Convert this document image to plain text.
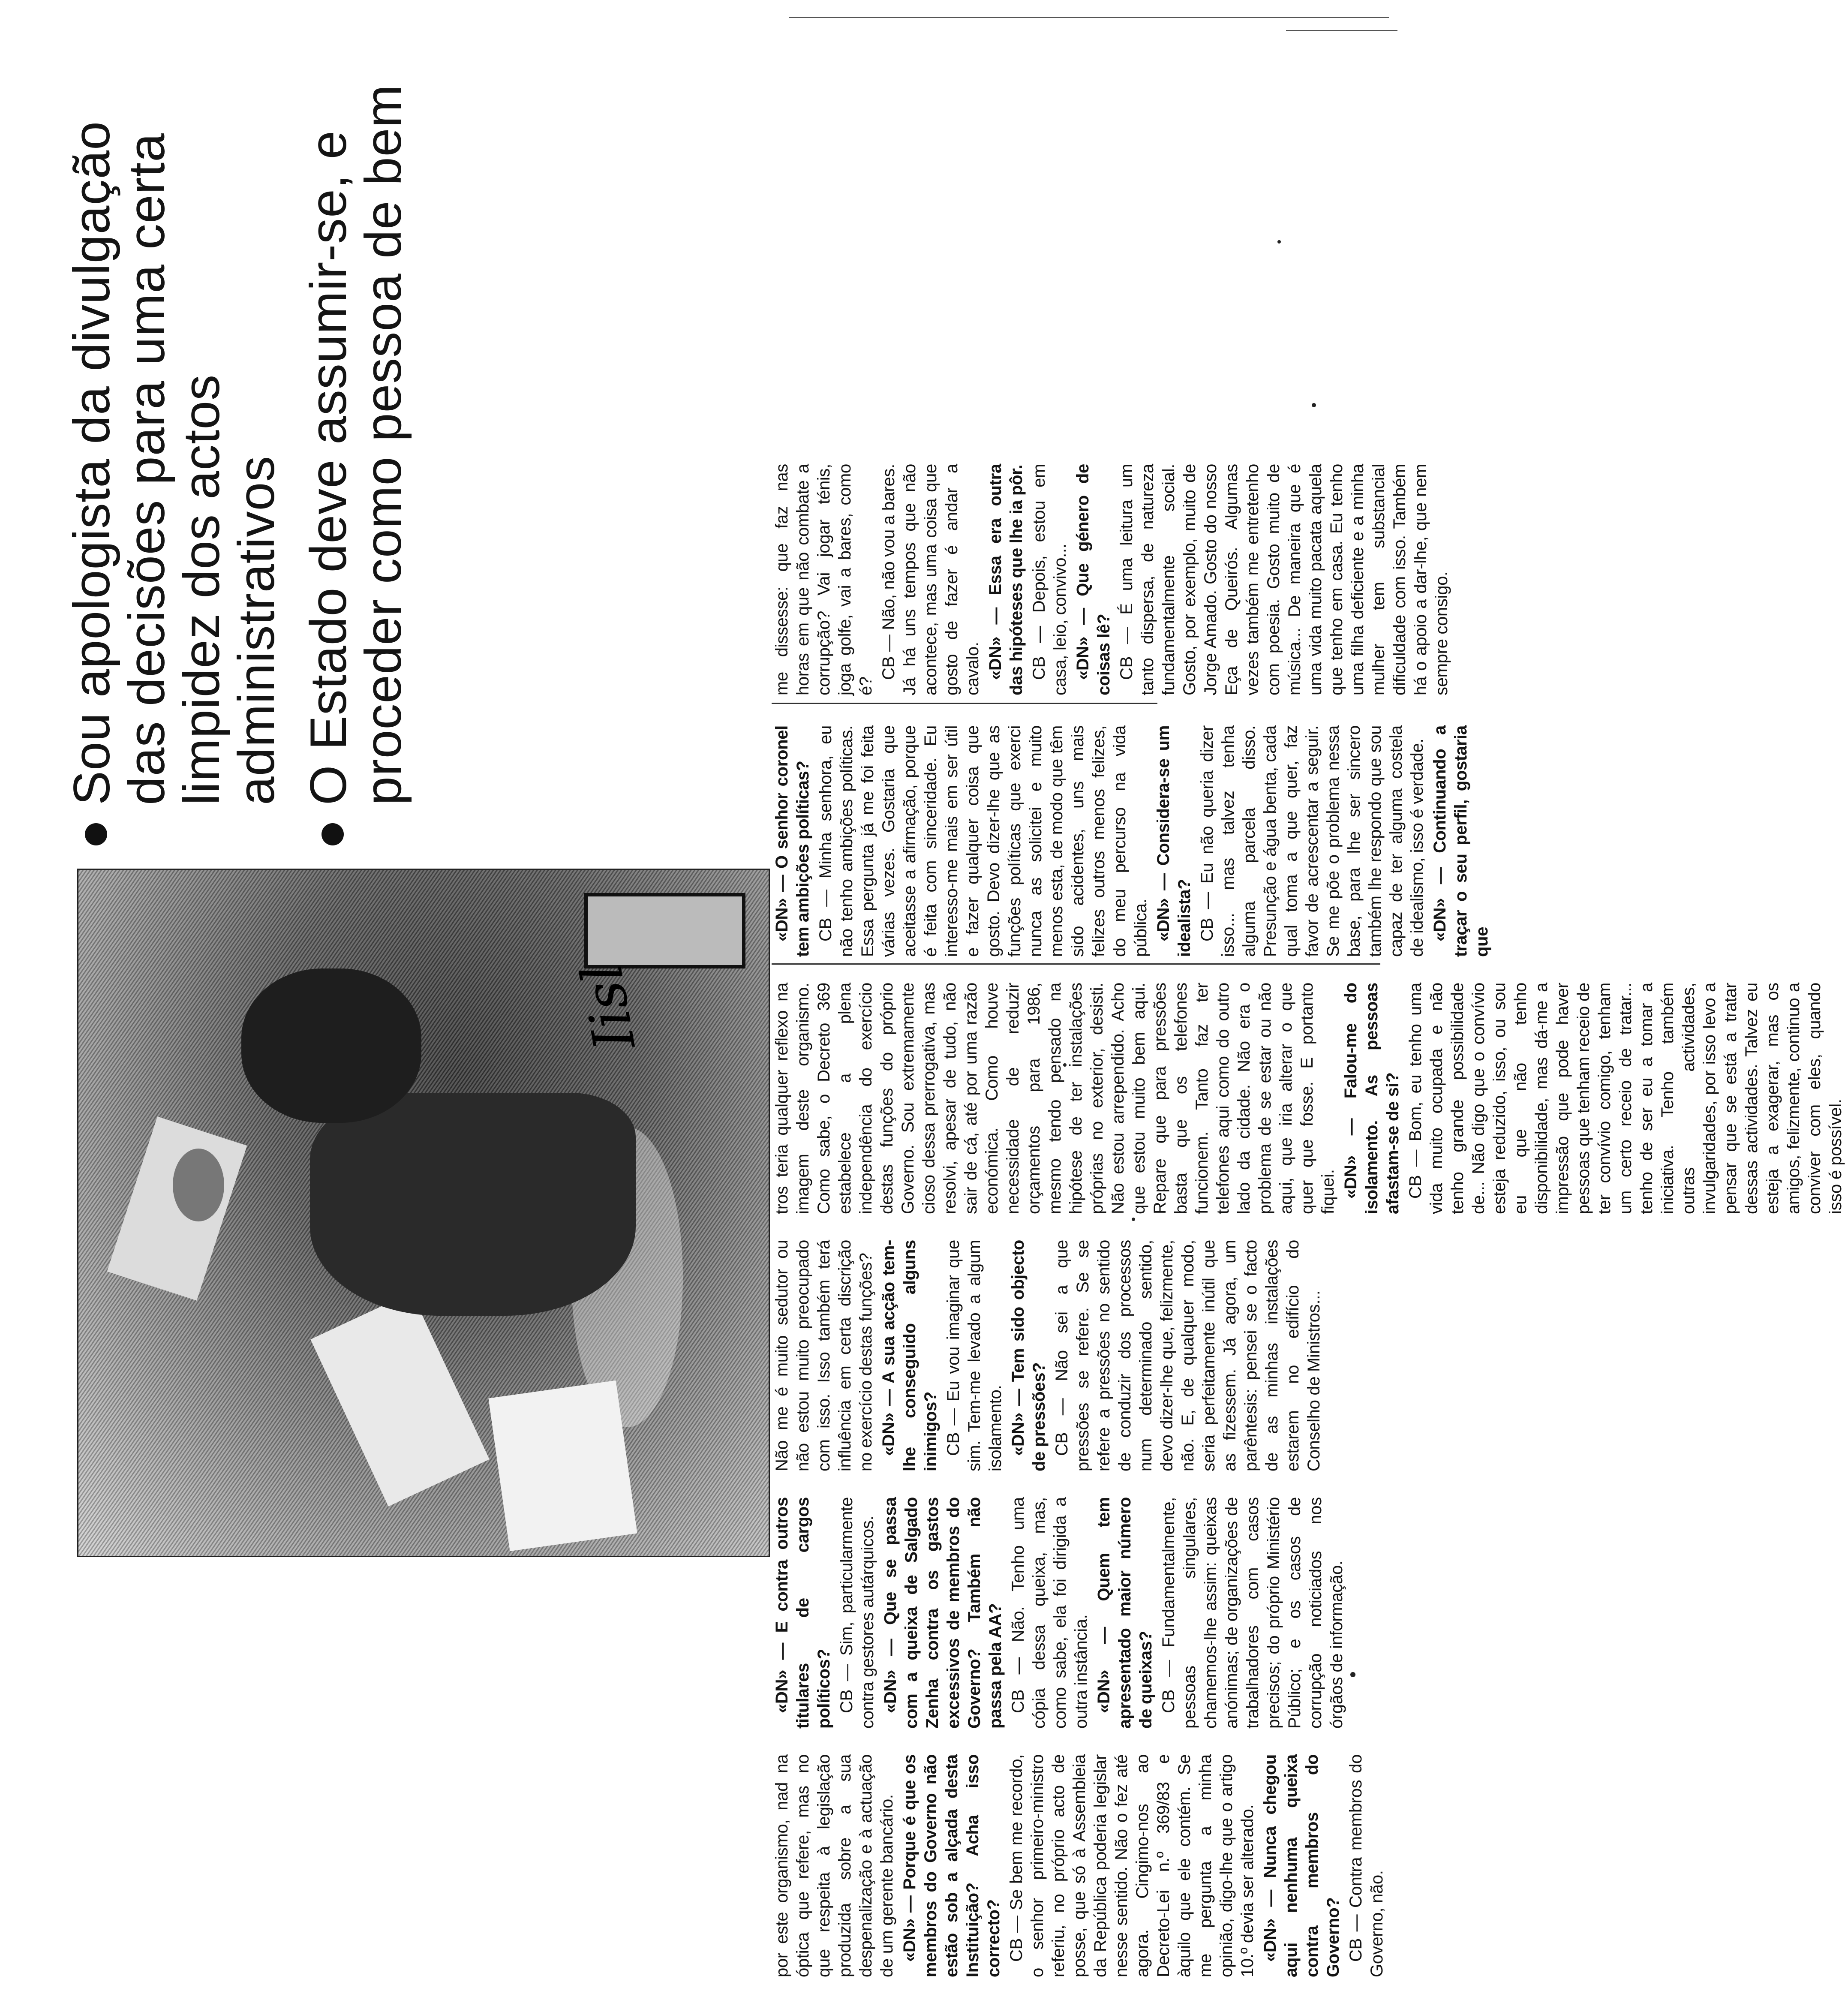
Iisl
Sou apologista da divulgação das decisões para uma certa limpidez dos actos administrativos O Estado deve assumir-se, e proceder como pessoa de bem

por este organismo, nad na óptica que refere, mas no que respeita à legislação produzida sobre a sua despenalização e à actuação de um gerente bancário. «DN» — Porque é que os membros do Governo não estão sob a alçada desta Instituição? Acha isso correcto? CB — Se bem me recordo, o senhor primeiro-ministro referiu, no próprio acto de posse, que só à Assembleia da República poderia legislar nesse sentido. Não o fez até agora. Cingimo-nos ao Decreto-Lei n.º 369/83 e àquilo que ele contém. Se me pergunta a minha opinião, digo-lhe que o artigo 10.º devia ser alterado. «DN» — Nunca chegou aqui nenhuma queixa contra membros do Governo? CB — Contra membros do Governo, não.

«DN» — E contra outros titulares de cargos políticos? CB — Sim, particularmente contra gestores autárquicos. «DN» — Que se passa com a queixa de Salgado Zenha contra os gastos excessivos de membros do Governo? Também não passa pela AA? CB — Não. Tenho uma cópia dessa queixa, mas, como sabe, ela foi dirigida a outra instância. «DN» — Quem tem apresentado maior número de queixas? CB — Fundamentalmente, pessoas singulares, chamemos-lhe assim: queixas anónimas; de organizações de trabalhadores com casos precisos; do próprio Ministério Público; e os casos de corrupção noticiados nos órgãos de informação.

Não me é muito sedutor ou não estou muito preocupado com isso. Isso também terá influência em certa discrição no exercício destas funções? «DN» — A sua acção tem-lhe conseguido alguns inimigos? CB — Eu vou imaginar que sim. Tem-me levado a algum isolamento. «DN» — Tem sido objecto de pressões? CB — Não sei a que pressões se refere. Se se refere a pressões no sentido de conduzir dos processos num determinado sentido, devo dizer-lhe que, felizmente, não. E, de qualquer modo, seria perfeitamente inútil que as fizessem. Já agora, um parêntesis: pensei se o facto de as minhas instalações estarem no edifício do Conselho de Ministros...

tros teria qualquer reflexo na imagem deste organismo. Como sabe, o Decreto 369 estabelece a plena independência do exercício destas funções do próprio Governo. Sou extremamente cioso dessa prerrogativa, mas resolvi, apesar de tudo, não sair de cá, até por uma razão económica. Como houve necessidade de reduzir orçamentos para 1986, mesmo tendo pensado na hipótese de ter instalações próprias no exterior, desisti. Não estou arrependido. Acho que estou muito bem aqui. Repare que para pressões basta que os telefones funcionem. Tanto faz ter telefones aqui como do outro lado da cidade. Não era o problema de se estar ou não aqui, que iria alterar o que quer que fosse. E portanto fiquei. «DN» — Falou-me do isolamento. As pessoas afastam-se de si? CB — Bom, eu tenho uma vida muito ocupada e não tenho grande possibilidade de... Não digo que o convívio esteja reduzido, isso, ou sou eu que não tenho disponibilidade, mas dá-me a impressão que pode haver pessoas que tenham receio de ter convívio comigo, tenham um certo receio de tratar... tenho de ser eu a tomar a iniciativa. Tenho também outras actividades, invulgaridades, por isso levo a pensar que se está a tratar dessas actividades. Talvez eu esteja a exagerar, mas os amigos, felizmente, continuo a conviver com eles, quando isso é possível.

«DN» — O senhor coronel tem ambições políticas? CB — Minha senhora, eu não tenho ambições políticas. Essa pergunta já me foi feita várias vezes. Gostaria que aceitasse a afirmação, porque é feita com sinceridade. Eu interesso-me mais em ser útil e fazer qualquer coisa que gosto. Devo dizer-lhe que as funções políticas que exerci nunca as solicitei e muito menos esta, de modo que têm sido acidentes, uns mais felizes outros menos felizes, do meu percurso na vida pública. «DN» — Considera-se um idealista? CB — Eu não queria dizer isso... mas talvez tenha alguma parcela disso. Presunção e água benta, cada qual toma a que quer, faz favor de acrescentar a seguir. Se me põe o problema nessa base, para lhe ser sincero também lhe respondo que sou capaz de ter alguma costela de idealismo, isso é verdade. «DN» — Continuando a traçar o seu perfil, gostaria que

me dissesse: que faz nas horas em que não combate a corrupção? Vai jogar ténis, joga golfe, vai a bares, como é?

CB — Não, não vou a bares. Já há uns tempos que não acontece, mas uma coisa que gosto de fazer é andar a cavalo. «DN» — Essa era outra das hipóteses que lhe ia pôr. CB — Depois, estou em casa, leio, convivo... «DN» — Que género de coisas lê? CB — É uma leitura um tanto dispersa, de natureza fundamentalmente social. Gosto, por exemplo, muito de Jorge Amado. Gosto do nosso Eça de Queirós. Algumas vezes também me entretenho com poesia. Gosto muito de música... De maneira que é uma vida muito pacata aquela que tenho em casa. Eu tenho uma filha deficiente e a minha mulher tem substancial dificuldade com isso. Também há o apoio a dar-lhe, que nem sempre consigo.
